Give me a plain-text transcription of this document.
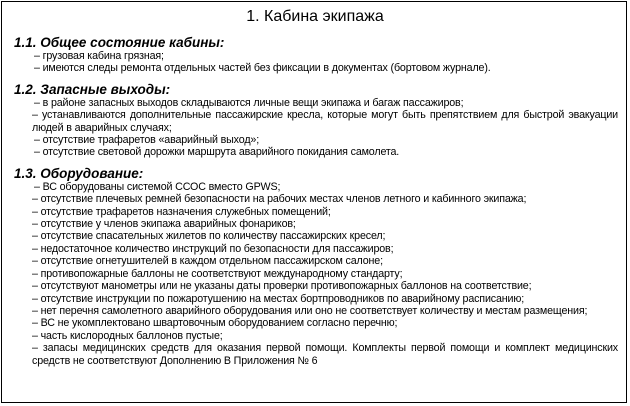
1. Кабина экипажа

1.1. Общее состояние кабины:

– грузовая кабина грязная;

– имеются следы ремонта отдельных частей без фиксации в документах (бортовом журнале).

1.2. Запасные выходы:

– в районе запасных выходов складываются личные вещи экипажа и багаж пассажиров;

– устанавливаются дополнительные пассажирские кресла, которые могут быть препятствием для быстрой эвакуации людей в аварийных случаях;

– отсутствие трафаретов «аварийный выход»;

– отсутствие световой дорожки маршрута аварийного покидания самолета.

1.3. Оборудование:

– ВС оборудованы системой ССОС вместо GPWS;

– отсутствие плечевых ремней безопасности на рабочих местах членов летного и кабинного экипажа;

– отсутствие трафаретов назначения служебных помещений;

– отсутствие у членов экипажа аварийных фонариков;

– отсутствие спасательных жилетов по количеству пассажирских кресел;

– недостаточное количество инструкций по безопасности для пассажиров;

– отсутствие огнетушителей в каждом отдельном пассажирском салоне;

– противопожарные баллоны не соответствуют международному стандарту;

– отсутствуют манометры или не указаны даты проверки противопожарных баллонов на соответствие;

– отсутствие инструкции по пожаротушению на местах бортпроводников по аварийному расписанию;

– нет перечня самолетного аварийного оборудования или оно не соответствует количеству и местам размещения;

– ВС не укомплектовано швартовочным оборудованием согласно перечню;

– часть кислородных баллонов пустые;

– запасы медицинских средств для оказания первой помощи. Комплекты первой помощи и комплект медицинских средств не соответствуют Дополнению В Приложения № 6
